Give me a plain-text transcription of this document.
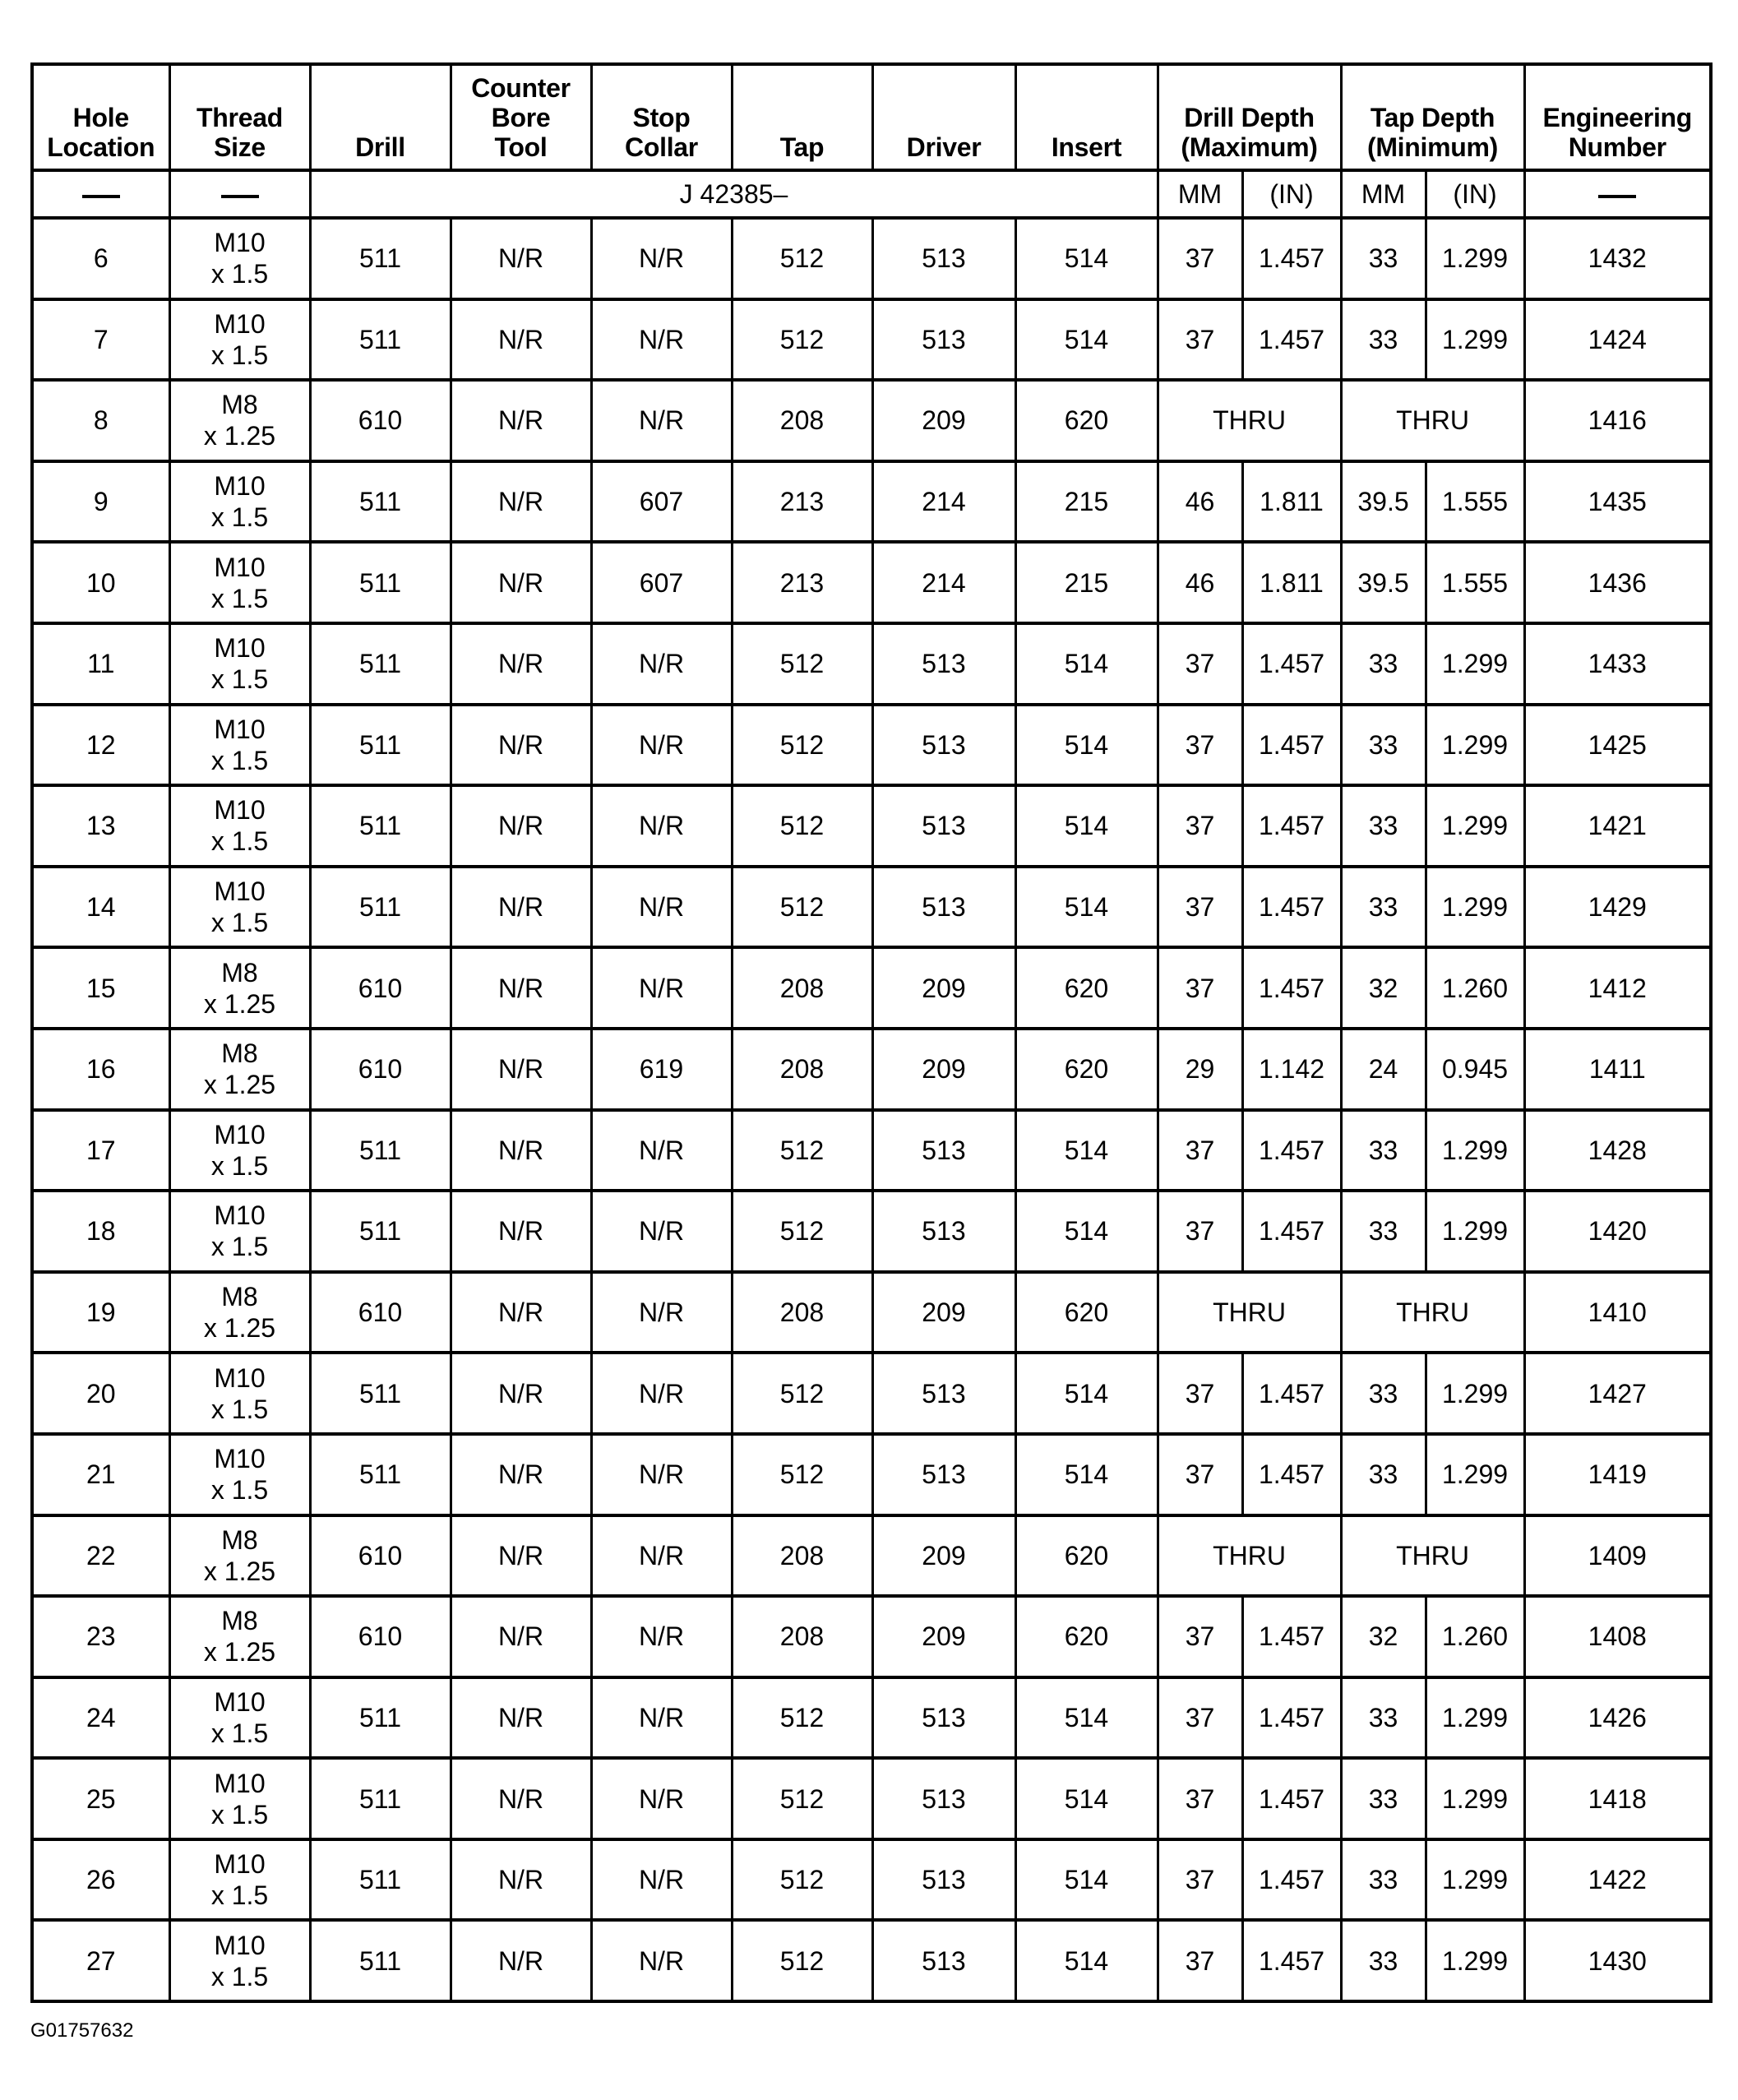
Hole
Location	Thread
Size	Drill	Counter
Bore
Tool	Stop
Collar	Tap	Driver	Insert	Drill Depth
(Maximum)		Tap Depth
(Minimum)		Engineering
Number
		J 42385–						MM	(IN)	MM	(IN)	
6	M10
x 1.5	511	N/R	N/R	512	513	514	37	1.457	33	1.299	1432
7	M10
x 1.5	511	N/R	N/R	512	513	514	37	1.457	33	1.299	1424
8	M8
x 1.25	610	N/R	N/R	208	209	620	THRU		THRU		1416
9	M10
x 1.5	511	N/R	607	213	214	215	46	1.811	39.5	1.555	1435
10	M10
x 1.5	511	N/R	607	213	214	215	46	1.811	39.5	1.555	1436
11	M10
x 1.5	511	N/R	N/R	512	513	514	37	1.457	33	1.299	1433
12	M10
x 1.5	511	N/R	N/R	512	513	514	37	1.457	33	1.299	1425
13	M10
x 1.5	511	N/R	N/R	512	513	514	37	1.457	33	1.299	1421
14	M10
x 1.5	511	N/R	N/R	512	513	514	37	1.457	33	1.299	1429
15	M8
x 1.25	610	N/R	N/R	208	209	620	37	1.457	32	1.260	1412
16	M8
x 1.25	610	N/R	619	208	209	620	29	1.142	24	0.945	1411
17	M10
x 1.5	511	N/R	N/R	512	513	514	37	1.457	33	1.299	1428
18	M10
x 1.5	511	N/R	N/R	512	513	514	37	1.457	33	1.299	1420
19	M8
x 1.25	610	N/R	N/R	208	209	620	THRU		THRU		1410
20	M10
x 1.5	511	N/R	N/R	512	513	514	37	1.457	33	1.299	1427
21	M10
x 1.5	511	N/R	N/R	512	513	514	37	1.457	33	1.299	1419
22	M8
x 1.25	610	N/R	N/R	208	209	620	THRU		THRU		1409
23	M8
x 1.25	610	N/R	N/R	208	209	620	37	1.457	32	1.260	1408
24	M10
x 1.5	511	N/R	N/R	512	513	514	37	1.457	33	1.299	1426
25	M10
x 1.5	511	N/R	N/R	512	513	514	37	1.457	33	1.299	1418
26	M10
x 1.5	511	N/R	N/R	512	513	514	37	1.457	33	1.299	1422
27	M10
x 1.5	511	N/R	N/R	512	513	514	37	1.457	33	1.299	1430
G01757632
